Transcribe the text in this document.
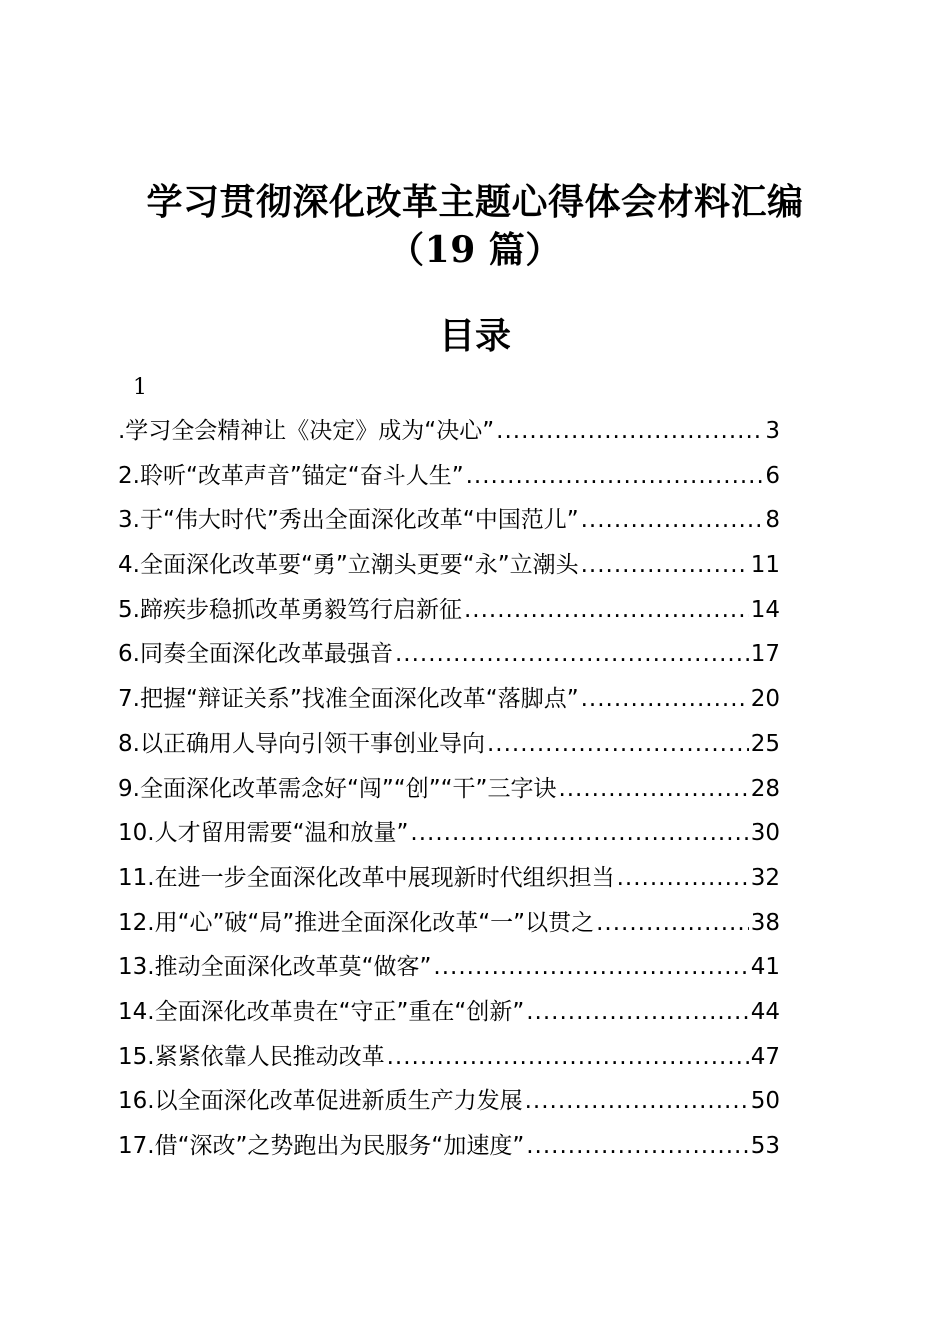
学习贯彻深化改革主题心得体会材料汇编
（19 篇）
目录
1
.学习全会精神让《决定》成为“决心” .....	3
2.聆听“改革声音”锚定“奋斗人生” .....	6
3.于“伟大时代”秀出全面深化改革“中国范儿” .....	8
4.全面深化改革要“勇”立潮头更要“永”立潮头 .....	11
5.蹄疾步稳抓改革勇毅笃行启新征 .....	14
6.同奏全面深化改革最强音 .....	17
7.把握“辩证关系”找准全面深化改革“落脚点” .....	20
8.以正确用人导向引领干事创业导向 .....	25
9.全面深化改革需念好“闯”“创”“干”三字诀 .....	28
10.人才留用需要“温和放量” .....	30
11.在进一步全面深化改革中展现新时代组织担当 .....	32
12.用“心”破“局”推进全面深化改革“一”以贯之 .....	38
13.推动全面深化改革莫“做客” .....	41
14.全面深化改革贵在“守正”重在“创新” .....	44
15.紧紧依靠人民推动改革 .....	47
16.以全面深化改革促进新质生产力发展 .....	50
17.借“深改”之势跑出为民服务“加速度” .....	53
